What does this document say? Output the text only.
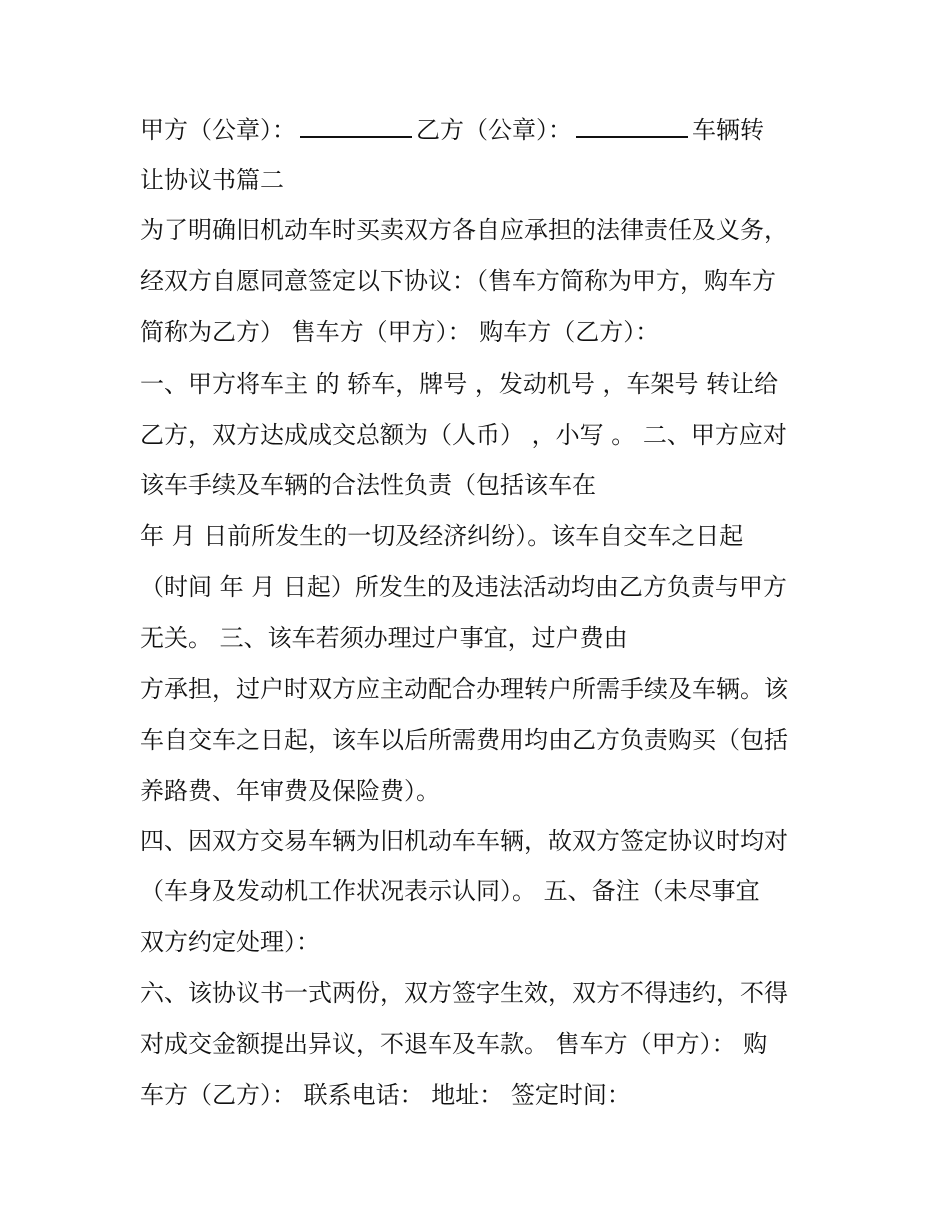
甲方（公章）：	乙方（公章）：	车辆转
让协议书篇二
为了明确旧机动车时买卖双方各自应承担的法律责任及义务，
经双方自愿同意签定以下协议：（售车方简称为甲方，购车方
简称为乙方） 售车方（甲方）： 购车方（乙方）：
一、甲方将车主 的 轿车，牌号 ，发动机号 ，车架号 转让给
乙方，双方达成成交总额为（人币） ，小写 。 二、甲方应对
该车手续及车辆的合法性负责（包括该车在
年 月 日前所发生的一切及经济纠纷）。该车自交车之日起
（时间 年 月 日起）所发生的及违法活动均由乙方负责与甲方
无关。 三、该车若须办理过户事宜，过户费由
方承担，过户时双方应主动配合办理转户所需手续及车辆。该
车自交车之日起，该车以后所需费用均由乙方负责购买（包括
养路费、年审费及保险费）。
四、因双方交易车辆为旧机动车车辆，故双方签定协议时均对
（车身及发动机工作状况表示认同）。 五、备注（未尽事宜
双方约定处理）：
六、该协议书一式两份，双方签字生效，双方不得违约，不得
对成交金额提出异议，不退车及车款。 售车方（甲方）： 购
车方（乙方）： 联系电话： 地址： 签定时间：
